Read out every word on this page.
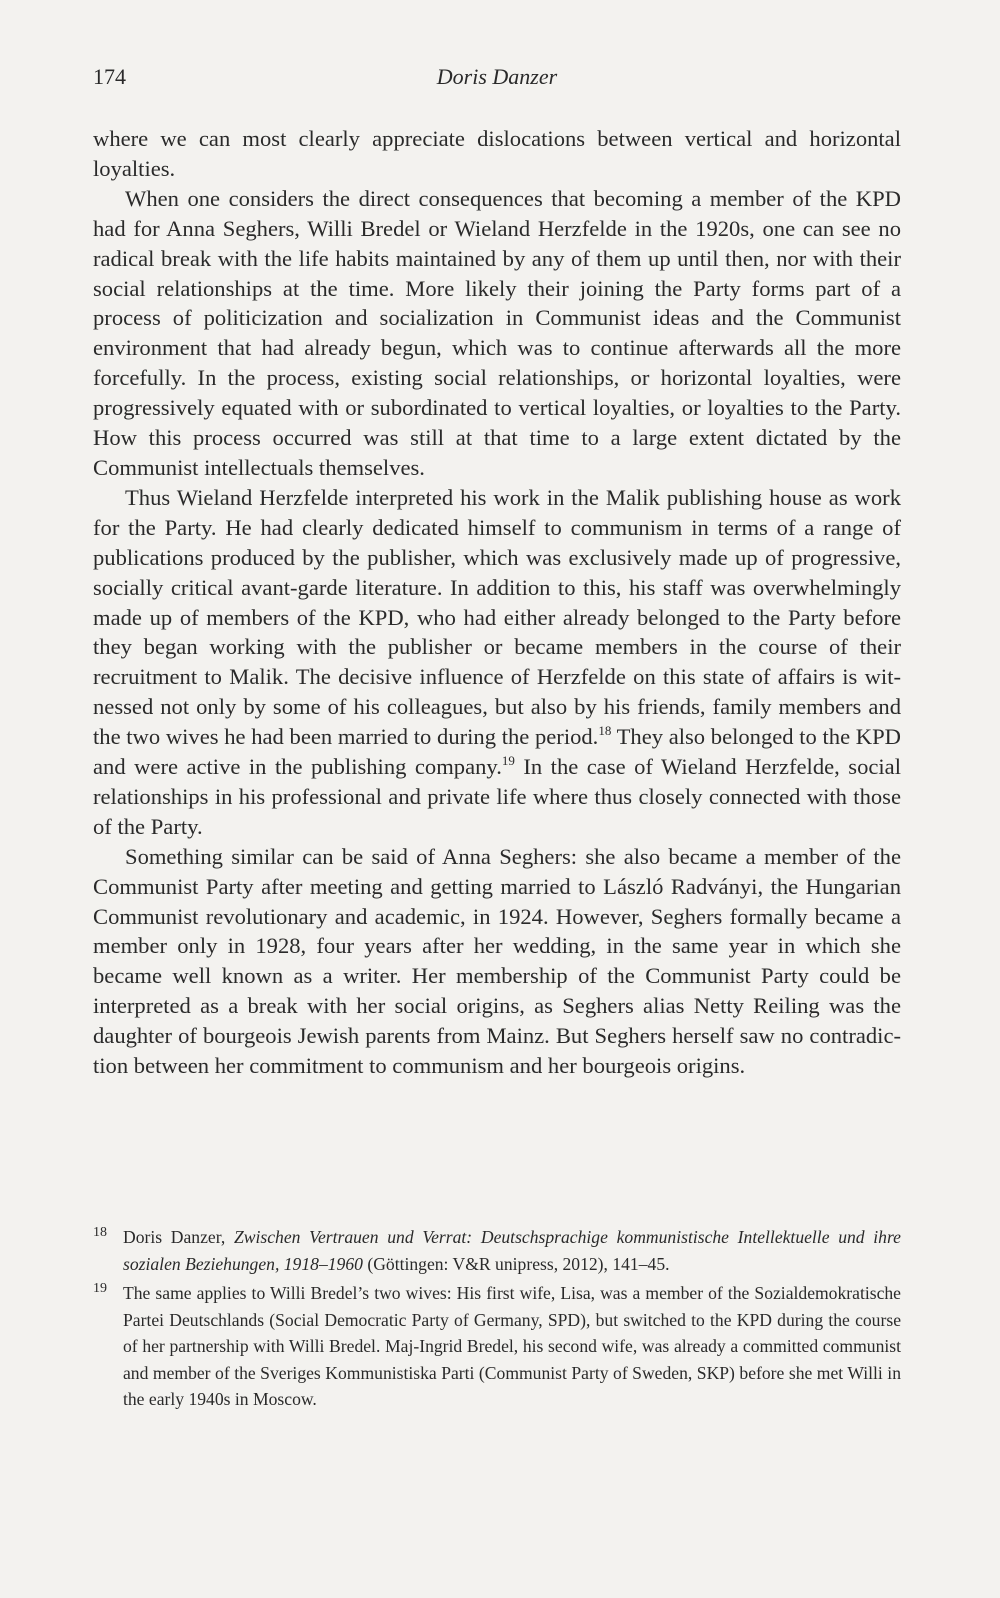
174	Doris Danzer

where we can most clearly appreciate dislocations between vertical and horizontal loyalties.

When one considers the direct consequences that becoming a member of the KPD had for Anna Seghers, Willi Bredel or Wieland Herzfelde in the 1920s, one can see no radical break with the life habits maintained by any of them up until then, nor with their social relationships at the time. More likely their joining the Party forms part of a process of politicization and socialization in Communist ideas and the Communist environment that had already begun, which was to continue afterwards all the more forcefully. In the process, existing social relationships, or horizontal loyalties, were progressively equated with or subordinated to vertical loyalties, or loyalties to the Party. How this process occurred was still at that time to a large extent dictated by the Communist intellectuals themselves.

Thus Wieland Herzfelde interpreted his work in the Malik publishing house as work for the Party. He had clearly dedicated himself to communism in terms of a range of publications produced by the publisher, which was exclusively made up of progressive, socially critical avant-garde literature. In addition to this, his staff was overwhelmingly made up of members of the KPD, who had either already belonged to the Party before they began working with the publisher or became members in the course of their recruitment to Malik. The decisive influence of Herzfelde on this state of affairs is witnessed not only by some of his colleagues, but also by his friends, family members and the two wives he had been married to during the period.$^{18}$ They also belonged to the KPD and were active in the publishing company.$^{19}$ In the case of Wieland Herzfelde, social relationships in his professional and private life where thus closely connected with those of the Party.

Something similar can be said of Anna Seghers: she also became a member of the Communist Party after meeting and getting married to László Radványi, the Hungarian Communist revolutionary and academic, in 1924. However, Seghers formally became a member only in 1928, four years after her wedding, in the same year in which she became well known as a writer. Her membership of the Communist Party could be interpreted as a break with her social origins, as Seghers alias Netty Reiling was the daughter of bourgeois Jewish parents from Mainz. But Seghers herself saw no contradiction between her commitment to communism and her bourgeois origins.

18 Doris Danzer, Zwischen Vertrauen und Verrat: Deutschsprachige kommunistische Intellektuelle und ihre sozialen Beziehungen, 1918–1960 (Göttingen: V&R unipress, 2012), 141–45.
19 The same applies to Willi Bredel’s two wives: His first wife, Lisa, was a member of the Sozialdemokratische Partei Deutschlands (Social Democratic Party of Germany, SPD), but switched to the KPD during the course of her partnership with Willi Bredel. Maj-Ingrid Bredel, his second wife, was already a committed communist and member of the Sveriges Kommunistiska Parti (Communist Party of Sweden, SKP) before she met Willi in the early 1940s in Moscow.
